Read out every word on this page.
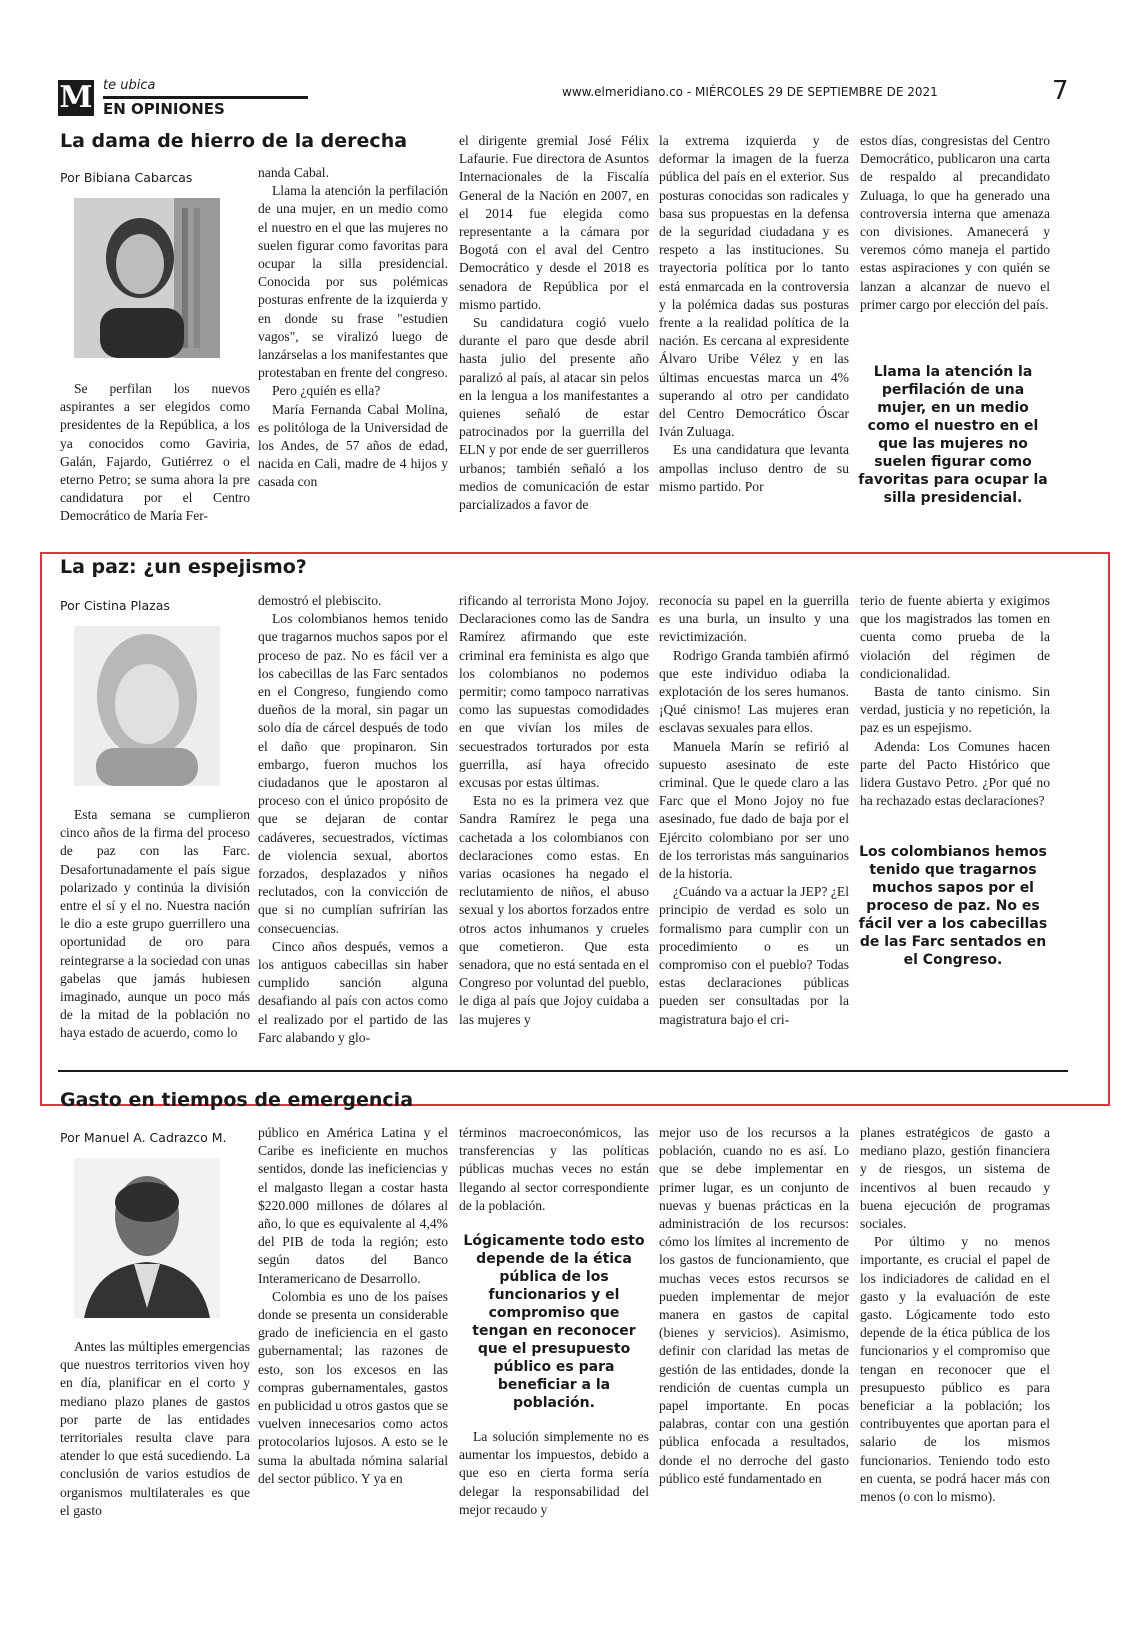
M te ubica
EN OPINIONES
www.elmeridiano.co - MIÉRCOLES 29 DE SEPTIEMBRE DE 2021	7
La dama de hierro de la derecha
Por Bibiana Cabarcas

Se perfilan los nuevos aspirantes a ser elegidos como presidentes de la República, a los ya conocidos como Gaviria, Galán, Fajardo, Gutiérrez o el eterno Petro; se suma ahora la pre candidatura por el Centro Democrático de María Fer-

nanda Cabal.

Llama la atención la perfilación de una mujer, en un medio como el nuestro en el que las mujeres no suelen figurar como favoritas para ocupar la silla presidencial. Conocida por sus polémicas posturas enfrente de la izquierda y en donde su frase "estudien vagos", se viralizó luego de lanzárselas a los manifestantes que protestaban en frente del congreso.

Pero ¿quién es ella?

María Fernanda Cabal Molina, es politóloga de la Universidad de los Andes, de 57 años de edad, nacida en Cali, madre de 4 hijos y casada con

el dirigente gremial José Félix Lafaurie. Fue directora de Asuntos Internacionales de la Fiscalía General de la Nación en 2007, en el 2014 fue elegida como representante a la cámara por Bogotá con el aval del Centro Democrático y desde el 2018 es senadora de República por el mismo partido.

Su candidatura cogió vuelo durante el paro que desde abril hasta julio del presente año paralizó al país, al atacar sin pelos en la lengua a los manifestantes a quienes señaló de estar patrocinados por la guerrilla del ELN y por ende de ser guerrilleros urbanos; también señaló a los medios de comunicación de estar parcializados a favor de

la extrema izquierda y de deformar la imagen de la fuerza pública del país en el exterior. Sus posturas conocidas son radicales y basa sus propuestas en la defensa de la seguridad ciudadana y es respeto a las instituciones. Su trayectoria política por lo tanto está enmarcada en la controversia y la polémica dadas sus posturas frente a la realidad política de la nación. Es cercana al expresidente Álvaro Uribe Vélez y en las últimas encuestas marca un 4% superando al otro per candidato del Centro Democrático Óscar Iván Zuluaga.

Es una candidatura que levanta ampollas incluso dentro de su mismo partido. Por

estos días, congresistas del Centro Democrático, publicaron una carta de respaldo al precandidato Zuluaga, lo que ha generado una controversia interna que amenaza con divisiones. Amanecerá y veremos cómo maneja el partido estas aspiraciones y con quién se lanzan a alcanzar de nuevo el primer cargo por elección del país.

Llama la atención la perfilación de una mujer, en un medio como el nuestro en el que las mujeres no suelen figurar como favoritas para ocupar la silla presidencial.
La paz: ¿un espejismo?
Por Cistina Plazas

Esta semana se cumplieron cinco años de la firma del proceso de paz con las Farc. Desafortunadamente el país sigue polarizado y continúa la división entre el sí y el no. Nuestra nación le dio a este grupo guerrillero una oportunidad de oro para reintegrarse a la sociedad con unas gabelas que jamás hubiesen imaginado, aunque un poco más de la mitad de la población no haya estado de acuerdo, como lo

demostró el plebiscito.

Los colombianos hemos tenido que tragarnos muchos sapos por el proceso de paz. No es fácil ver a los cabecillas de las Farc sentados en el Congreso, fungiendo como dueños de la moral, sin pagar un solo día de cárcel después de todo el daño que propinaron. Sin embargo, fueron muchos los ciudadanos que le apostaron al proceso con el único propósito de que se dejaran de contar cadáveres, secuestrados, víctimas de violencia sexual, abortos forzados, desplazados y niños reclutados, con la convicción de que si no cumplían sufrirían las consecuencias.

Cinco años después, vemos a los antiguos cabecillas sin haber cumplido sanción alguna desafiando al país con actos como el realizado por el partido de las Farc alabando y glo-

rificando al terrorista Mono Jojoy. Declaraciones como las de Sandra Ramírez afirmando que este criminal era feminista es algo que los colombianos no podemos permitir; como tampoco narrativas como las supuestas comodidades en que vivían los miles de secuestrados torturados por esta guerrilla, así haya ofrecido excusas por estas últimas.

Esta no es la primera vez que Sandra Ramírez le pega una cachetada a los colombianos con declaraciones como estas. En varias ocasiones ha negado el reclutamiento de niños, el abuso sexual y los abortos forzados entre otros actos inhumanos y crueles que cometieron. Que esta senadora, que no está sentada en el Congreso por voluntad del pueblo, le diga al país que Jojoy cuidaba a las mujeres y

reconocía su papel en la guerrilla es una burla, un insulto y una revictimización.

Rodrigo Granda también afirmó que este individuo odiaba la explotación de los seres humanos. ¡Qué cinismo! Las mujeres eran esclavas sexuales para ellos.

Manuela Marín se refirió al supuesto asesinato de este criminal. Que le quede claro a las Farc que el Mono Jojoy no fue asesinado, fue dado de baja por el Ejército colombiano por ser uno de los terroristas más sanguinarios de la historia.

¿Cuándo va a actuar la JEP? ¿El principio de verdad es solo un formalismo para cumplir con un procedimiento o es un compromiso con el pueblo? Todas estas declaraciones públicas pueden ser consultadas por la magistratura bajo el cri-

terio de fuente abierta y exigimos que los magistrados las tomen en cuenta como prueba de la violación del régimen de condicionalidad.

Basta de tanto cinismo. Sin verdad, justicia y no repetición, la paz es un espejismo.

Adenda: Los Comunes hacen parte del Pacto Histórico que lidera Gustavo Petro. ¿Por qué no ha rechazado estas declaraciones?

Los colombianos hemos tenido que tragarnos muchos sapos por el proceso de paz. No es fácil ver a los cabecillas de las Farc sentados en el Congreso.
Gasto en tiempos de emergencia
Por Manuel A. Cadrazco M.

Antes las múltiples emergencias que nuestros territorios viven hoy en día, planificar en el corto y mediano plazo planes de gastos por parte de las entidades territoriales resulta clave para atender lo que está sucediendo. La conclusión de varios estudios de organismos multilaterales es que el gasto

público en América Latina y el Caribe es ineficiente en muchos sentidos, donde las ineficiencias y el malgasto llegan a costar hasta $220.000 millones de dólares al año, lo que es equivalente al 4,4% del PIB de toda la región; esto según datos del Banco Interamericano de Desarrollo.

Colombia es uno de los países donde se presenta un considerable grado de ineficiencia en el gasto gubernamental; las razones de esto, son los excesos en las compras gubernamentales, gastos en publicidad u otros gastos que se vuelven innecesarios como actos protocolarios lujosos. A esto se le suma la abultada nómina salarial del sector público. Y ya en

términos macroeconómicos, las transferencias y las políticas públicas muchas veces no están llegando al sector correspondiente de la población.

Lógicamente todo esto depende de la ética pública de los funcionarios y el compromiso que tengan en reconocer que el presupuesto público es para beneficiar a la población.

La solución simplemente no es aumentar los impuestos, debido a que eso en cierta forma sería delegar la responsabilidad del mejor recaudo y

mejor uso de los recursos a la población, cuando no es así. Lo que se debe implementar en primer lugar, es un conjunto de nuevas y buenas prácticas en la administración de los recursos: cómo los límites al incremento de los gastos de funcionamiento, que muchas veces estos recursos se pueden implementar de mejor manera en gastos de capital (bienes y servicios). Asimismo, definir con claridad las metas de gestión de las entidades, donde la rendición de cuentas cumpla un papel importante. En pocas palabras, contar con una gestión pública enfocada a resultados, donde el no derroche del gasto público esté fundamentado en

planes estratégicos de gasto a mediano plazo, gestión financiera y de riesgos, un sistema de incentivos al buen recaudo y buena ejecución de programas sociales.

Por último y no menos importante, es crucial el papel de los indiciadores de calidad en el gasto y la evaluación de este gasto. Lógicamente todo esto depende de la ética pública de los funcionarios y el compromiso que tengan en reconocer que el presupuesto público es para beneficiar a la población; los contribuyentes que aportan para el salario de los mismos funcionarios. Teniendo todo esto en cuenta, se podrá hacer más con menos (o con lo mismo).
